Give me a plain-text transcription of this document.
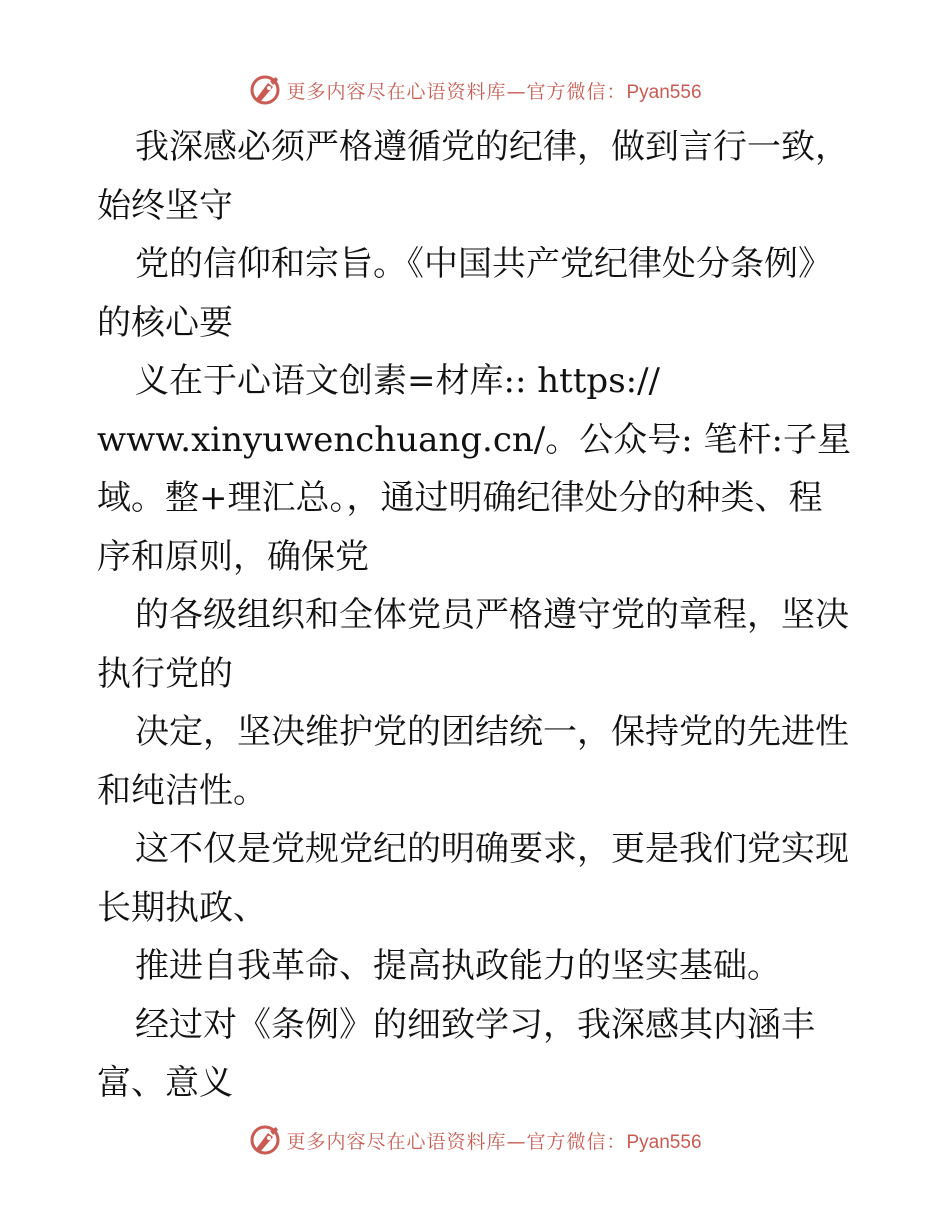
更多内容尽在心语资料库—官方微信：Pyan556
我深感必须严格遵循党的纪律，做到言行一致，
始终坚守
党的信仰和宗旨。《中国共产党纪律处分条例》
的核心要
义在于心语文创素=材库:: https://
www.xinyuwenchuang.cn/。公众号: 笔杆:子星
域。整+理汇总。，通过明确纪律处分的种类、程
序和原则，确保党
的各级组织和全体党员严格遵守党的章程，坚决
执行党的
决定，坚决维护党的团结统一，保持党的先进性
和纯洁性。
这不仅是党规党纪的明确要求，更是我们党实现
长期执政、
推进自我革命、提高执政能力的坚实基础。
经过对《条例》的细致学习，我深感其内涵丰
富、意义
更多内容尽在心语资料库—官方微信：Pyan556
